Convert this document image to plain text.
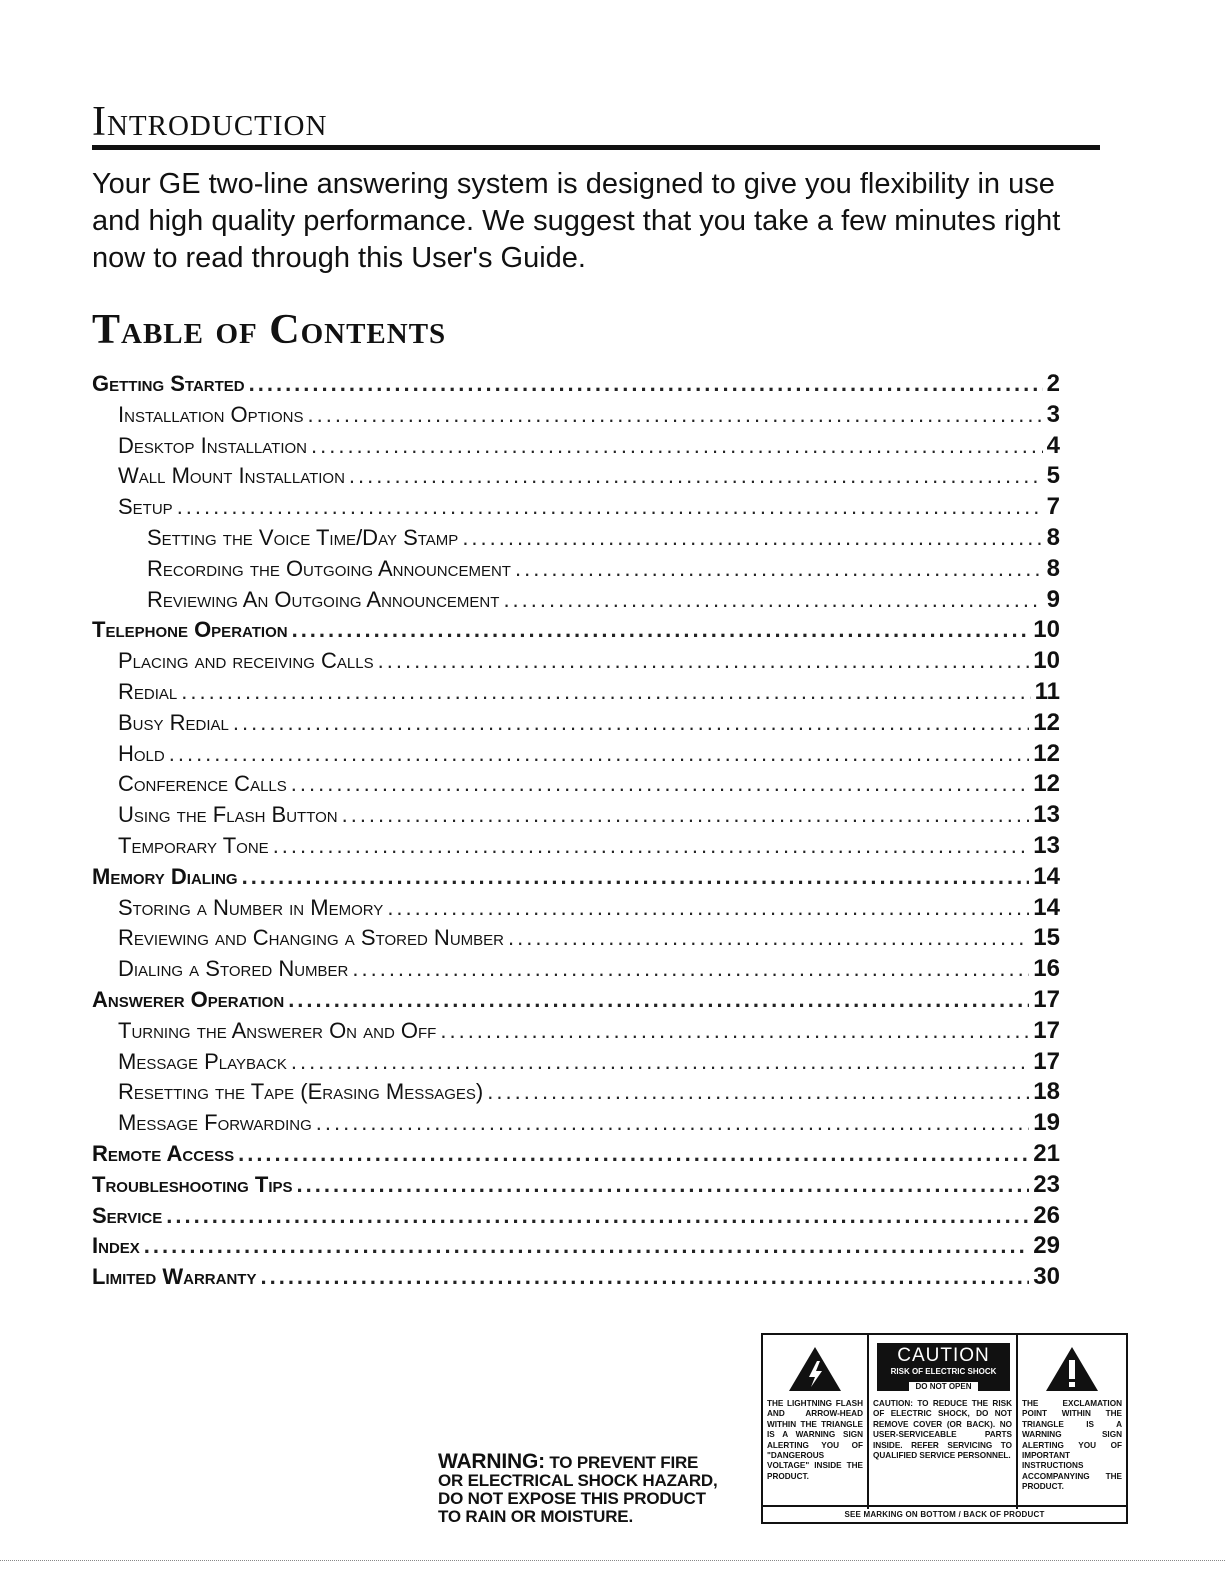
Introduction
Your GE two-line answering system is designed to give you flexibility in use and high quality performance. We suggest that you take a few minutes right now to read through this User's Guide.
Table of Contents
Getting Started .....	2
Installation Options .....	3
Desktop Installation .....	4
Wall Mount Installation .....	5
Setup .....	7
Setting the Voice Time/Day Stamp .....	8
Recording the Outgoing Announcement .....	8
Reviewing An Outgoing Announcement .....	9
Telephone Operation .....	10
Placing and receiving Calls .....	10
Redial .....	11
Busy Redial .....	12
Hold .....	12
Conference Calls .....	12
Using the Flash Button .....	13
Temporary Tone .....	13
Memory Dialing .....	14
Storing a Number in Memory .....	14
Reviewing and Changing a Stored Number .....	15
Dialing a Stored Number .....	16
Answerer Operation .....	17
Turning the Answerer On and Off .....	17
Message Playback .....	17
Resetting the Tape (Erasing Messages) .....	18
Message Forwarding .....	19
Remote Access .....	21
Troubleshooting Tips .....	23
Service .....	26
Index .....	29
Limited Warranty .....	30
WARNING: TO PREVENT FIRE
OR ELECTRICAL SHOCK HAZARD,
DO NOT EXPOSE THIS PRODUCT
TO RAIN OR MOISTURE.
THE LIGHTNING FLASH AND ARROW-HEAD WITHIN THE TRIANGLE IS A WARNING SIGN ALERTING YOU OF "DANGEROUS VOLTAGE" INSIDE THE PRODUCT.
CAUTION
RISK OF ELECTRIC SHOCK
DO NOT OPEN
CAUTION: TO REDUCE THE RISK OF ELECTRIC SHOCK, DO NOT REMOVE COVER (OR BACK). NO USER-SERVICEABLE PARTS INSIDE. REFER SERVICING TO QUALIFIED SERVICE PERSONNEL.
THE EXCLAMATION POINT WITHIN THE TRIANGLE IS A WARNING SIGN ALERTING YOU OF IMPORTANT INSTRUCTIONS ACCOMPANYING THE PRODUCT.
SEE MARKING ON BOTTOM / BACK OF PRODUCT
